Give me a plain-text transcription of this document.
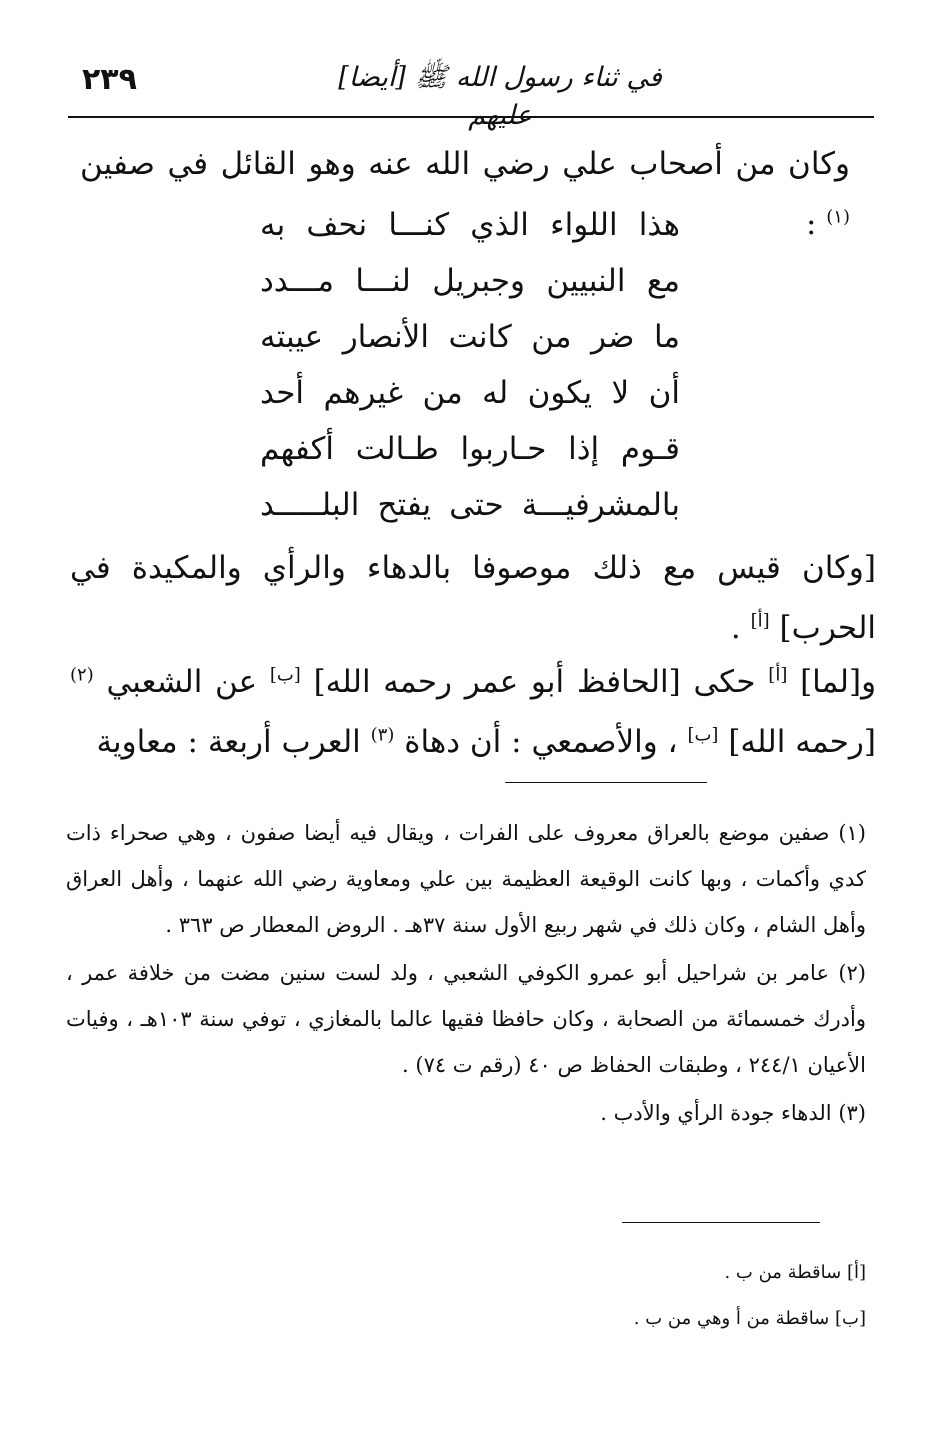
٢٣٩	في ثناء رسول الله ﷺ [أيضا] عليهم
وكان من أصحاب علي رضي الله عنه وهو القائل في صفين $^{(١)}$ :
هذا اللواء الذي كنـــا نحف به
مع النبيين وجبريل لنـــا مـــدد
ما ضر من كانت الأنصار عيبته
أن لا يكون له من غيرهم أحد
قـوم إذا حـاربوا طـالت أكفهم
بالمشرفيـــة حتى يفتح البلـــــد
[وكان قيس مع ذلك موصوفا بالدهاء والرأي والمكيدة في الحرب] [أ] .
و[لما] [أ] حكى [الحافظ أبو عمر رحمه الله] [ب] عن الشعبي $^{(٢)}$ [رحمه الله] [ب] ، والأصمعي : أن دهاة $^{(٣)}$ العرب أربعة : معاوية
(١) صفين موضع بالعراق معروف على الفرات ، ويقال فيه أيضا صفون ، وهي صحراء ذات كدي وأكمات ، وبها كانت الوقيعة العظيمة بين علي ومعاوية رضي الله عنهما ، وأهل العراق وأهل الشام ، وكان ذلك في شهر ربيع الأول سنة ٣٧هـ . الروض المعطار ص ٣٦٣ .
(٢) عامر بن شراحيل أبو عمرو الكوفي الشعبي ، ولد لست سنين مضت من خلافة عمر ، وأدرك خمسمائة من الصحابة ، وكان حافظا فقيها عالما بالمغازي ، توفي سنة ١٠٣هـ ، وفيات الأعيان ٢٤٤/١ ، وطبقات الحفاظ ص ٤٠ (رقم ت ٧٤) .
(٣) الدهاء جودة الرأي والأدب .
[أ] ساقطة من ب .
[ب] ساقطة من أ وهي من ب .
